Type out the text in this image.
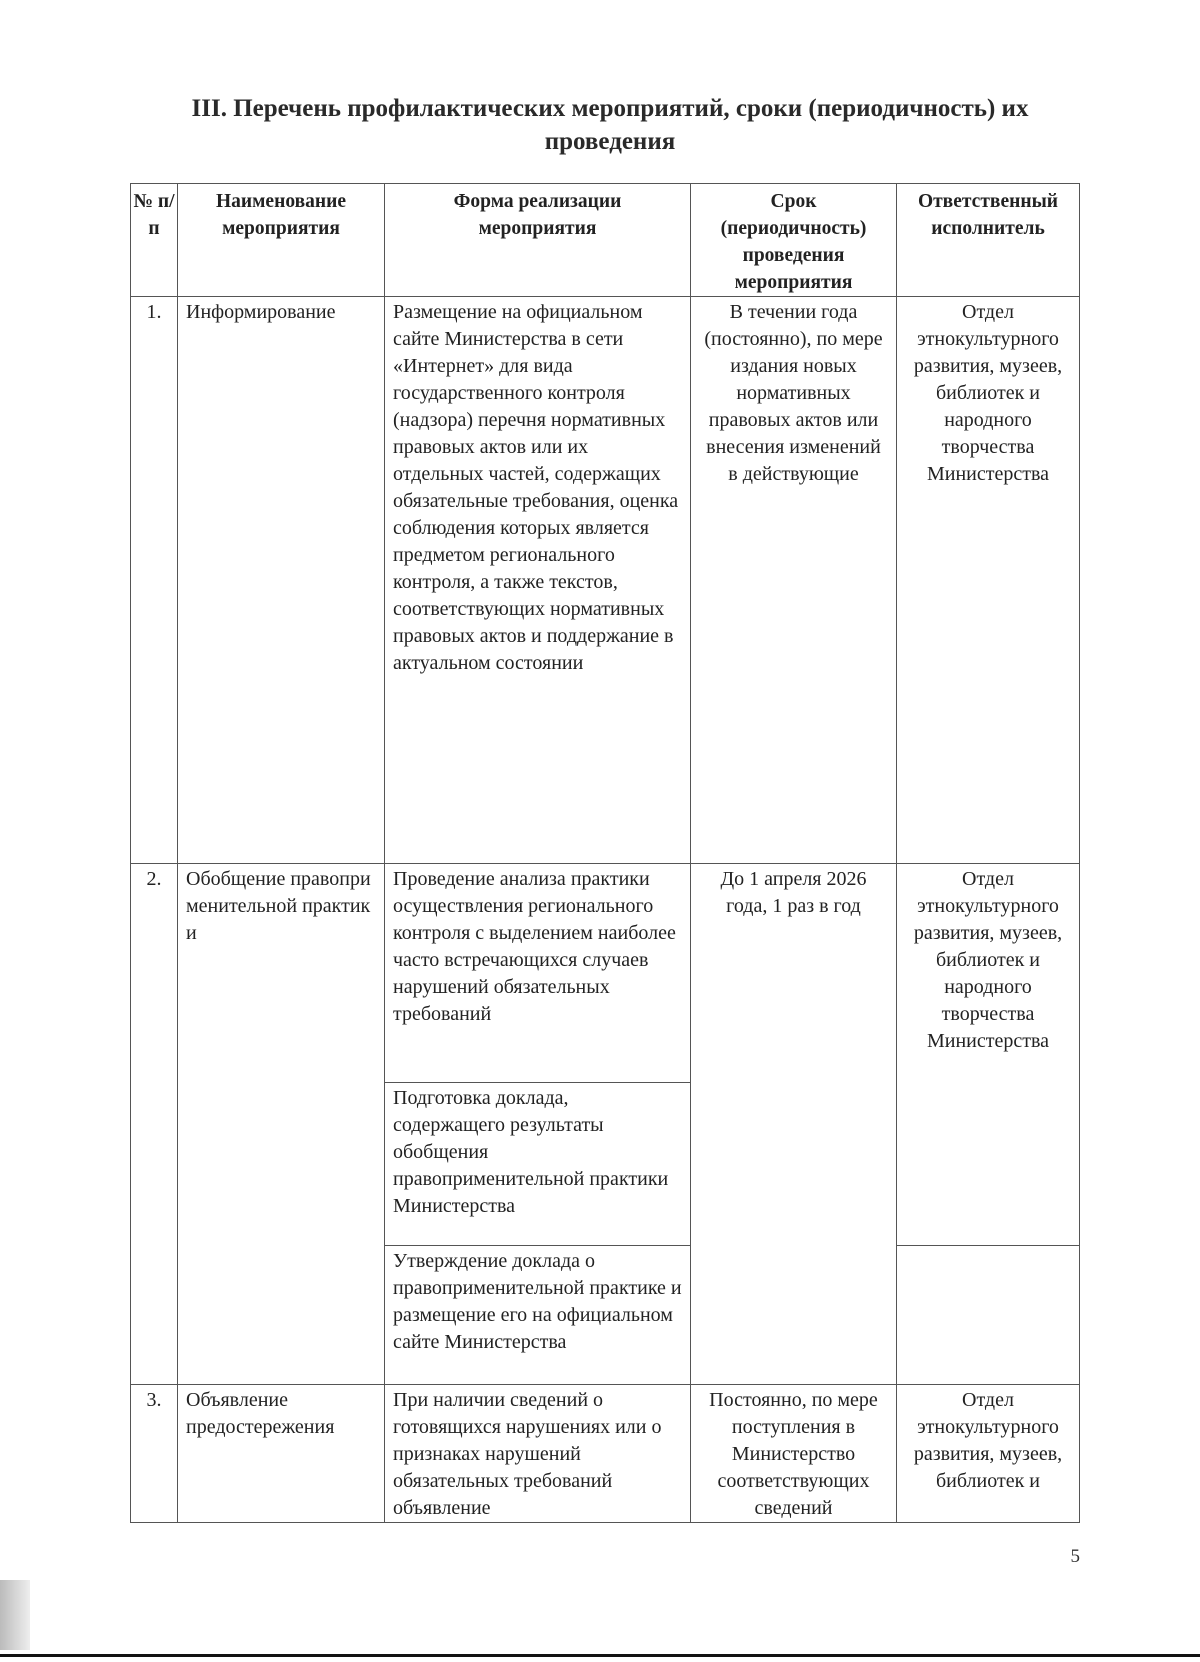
III. Перечень профилактических мероприятий, сроки (периодичность) их проведения
№ п/п	Наименование мероприятия	Форма реализации мероприятия	Срок (периодичность) проведения мероприятия	Ответственный исполнитель
1.	Информирование	Размещение на официальном сайте Министерства в сети «Интернет» для вида государственного контроля (надзора) перечня нормативных правовых актов или их отдельных частей, содержащих обязательные требования, оценка соблюдения которых является предметом регионального контроля, а также текстов, соответствующих нормативных правовых актов и поддержание в актуальном состоянии	В течении года (постоянно), по мере издания новых нормативных правовых актов или внесения изменений в действующие	Отдел этнокультурного развития, музеев, библиотек и народного творчества Министерства
2.	Обобщение правоприменительной практики	Проведение анализа практики осуществления регионального контроля с выделением наиболее часто встречающихся случаев нарушений обязательных требований	До 1 апреля 2026 года, 1 раз в год	Отдел этнокультурного развития, музеев, библиотек и народного творчества Министерства
		Подготовка доклада, содержащего результаты обобщения правоприменительной практики Министерства		
		Утверждение доклада о правоприменительной практике и размещение его на официальном сайте Министерства		
3.	Объявление предостережения	При наличии сведений о готовящихся нарушениях или о признаках нарушений обязательных требований объявление	Постоянно, по мере поступления в Министерство соответствующих сведений	Отдел этнокультурного развития, музеев, библиотек и
5
